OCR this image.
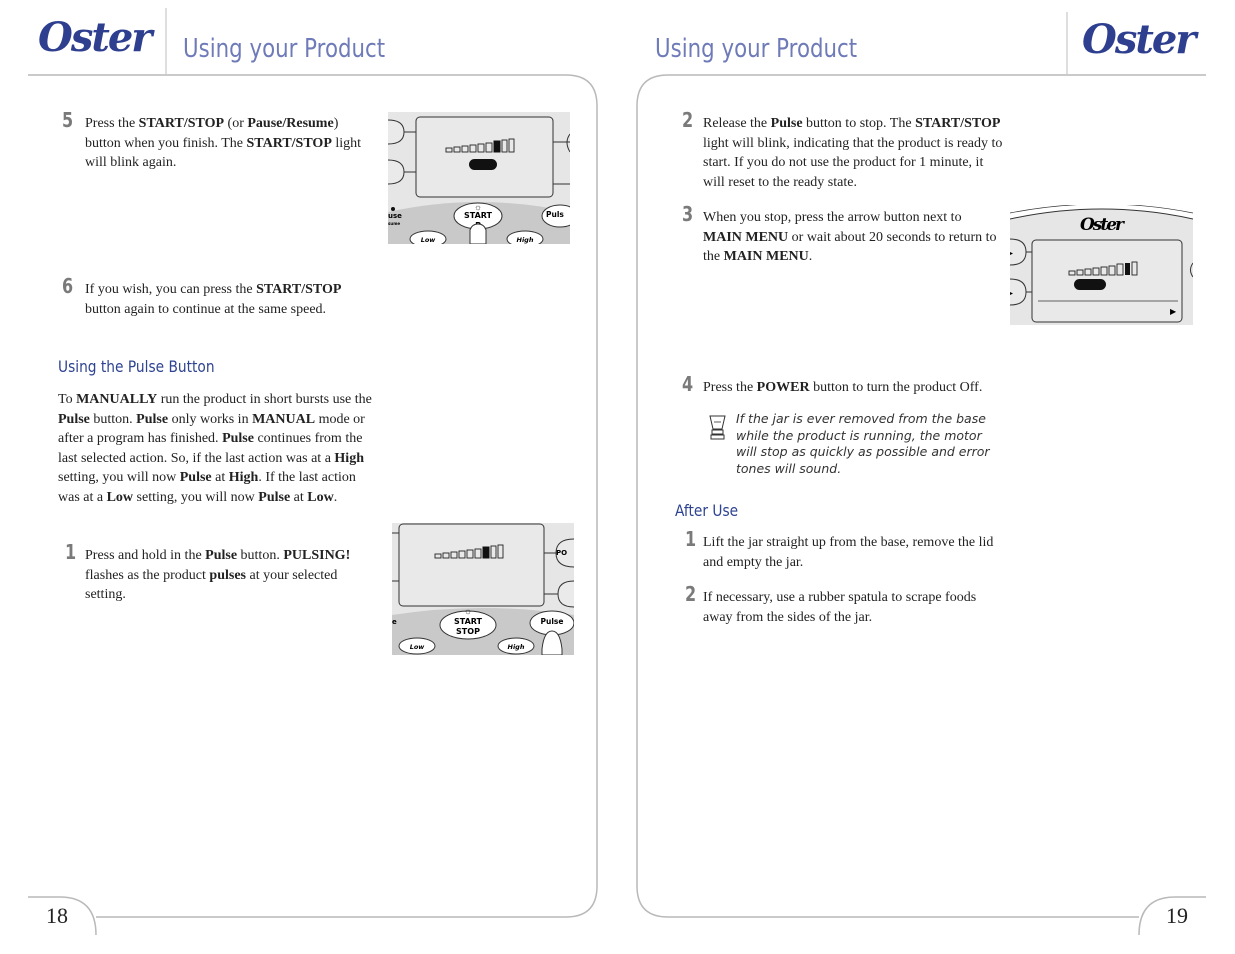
Oster Using your Product
5 Press the START/STOP (or Pause/Resume) button when you finish. The START/STOP light will blink again.
6 If you wish, you can press the START/STOP button again to continue at the same speed.
Using the Pulse Button
To MANUALLY run the product in short bursts use the Pulse button. Pulse only works in MANUAL mode or after a program has finished. Pulse continues from the last selected action. So, if the last action was at a High setting, you will now Pulse at High. If the last action was at a Low setting, you will now Pulse at Low.
1 Press and hold in the Pulse button. PULSING! flashes as the product pulses at your selected setting.
START
☼
use
sume
Puls
Low	High
PO
START
STOP
☼
Pulse
e
Low	High
18
Using your Product	Oster
2 Release the Pulse button to stop. The START/STOP light will blink, indicating that the product is ready to start. If you do not use the product for 1 minute, it will reset to the ready state.
3 When you stop, press the arrow button next to MAIN MENU or wait about 20 seconds to return to the MAIN MENU.
Oster
▸
▸
▶
4 Press the POWER button to turn the product Off.
If the jar is ever removed from the base while the product is running, the motor will stop as quickly as possible and error tones will sound.
After Use
1 Lift the jar straight up from the base, remove the lid and empty the jar.
2 If necessary, use a rubber spatula to scrape foods away from the sides of the jar.
19
